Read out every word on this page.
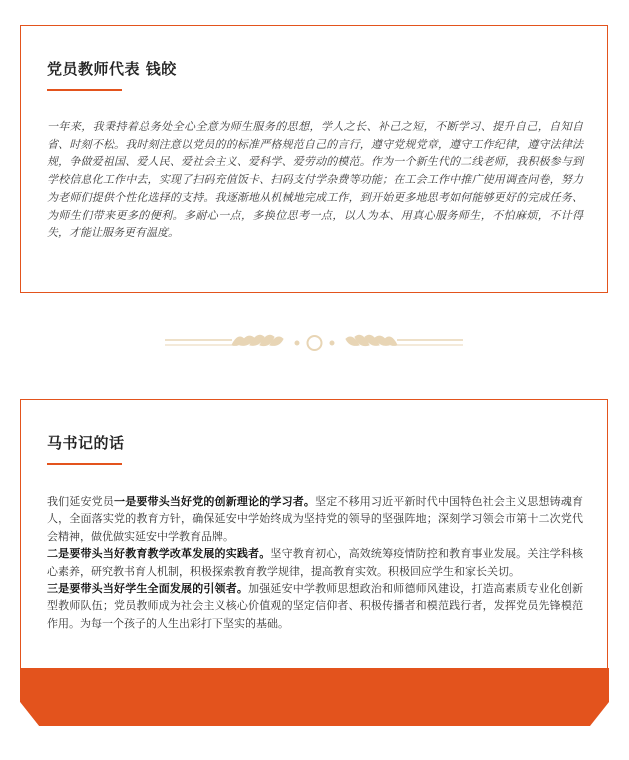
党员教师代表 钱皎
一年来，我秉持着总务处全心全意为师生服务的思想，学人之长、补己之短，不断学习、提升自己，自知自省、时刻不松。我时刻注意以党员的的标准严格规范自己的言行，遵守党规党章，遵守工作纪律，遵守法律法规，争做爱祖国、爱人民、爱社会主义、爱科学、爱劳动的模范。作为一个新生代的二线老师，我积极参与到学校信息化工作中去，实现了扫码充值饭卡、扫码支付学杂费等功能；在工会工作中推广使用调查问卷，努力为老师们提供个性化选择的支持。我逐渐地从机械地完成工作，到开始更多地思考如何能够更好的完成任务、为师生们带来更多的便利。多耐心一点，多换位思考一点，以人为本、用真心服务师生，不怕麻烦，不计得失，才能让服务更有温度。
马书记的话
我们延安党员一是要带头当好党的创新理论的学习者。坚定不移用习近平新时代中国特色社会主义思想铸魂育人，全面落实党的教育方针，确保延安中学始终成为坚持党的领导的坚强阵地；深刻学习领会市第十二次党代会精神，做优做实延安中学教育品牌。
二是要带头当好教育教学改革发展的实践者。坚守教育初心，高效统筹疫情防控和教育事业发展。关注学科核心素养，研究教书育人机制，积极探索教育教学规律，提高教育实效。积极回应学生和家长关切。
三是要带头当好学生全面发展的引领者。加强延安中学教师思想政治和师德师风建设，打造高素质专业化创新型教师队伍；党员教师成为社会主义核心价值观的坚定信仰者、积极传播者和模范践行者，发挥党员先锋模范作用。为每一个孩子的人生出彩打下坚实的基础。
